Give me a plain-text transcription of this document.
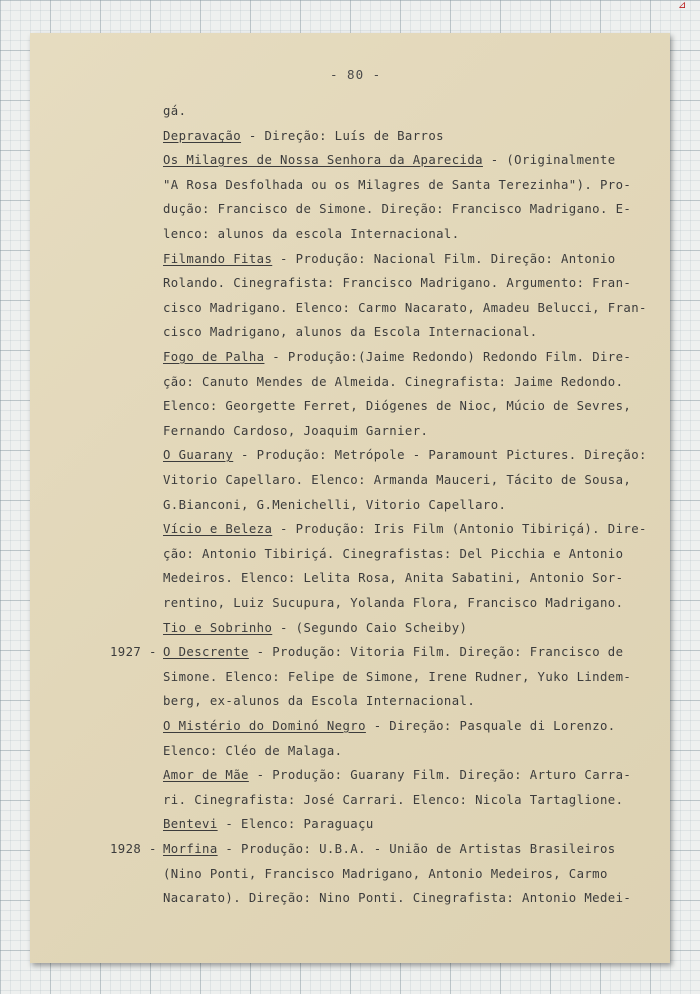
⊿
- 80 -
gá.
Depravação - Direção: Luís de Barros
Os Milagres de Nossa Senhora da Aparecida - (Originalmente
"A Rosa Desfolhada ou os Milagres de Santa Terezinha"). Pro-
dução: Francisco de Simone. Direção: Francisco Madrigano. E-
lenco: alunos da escola Internacional.
Filmando Fitas - Produção: Nacional Film. Direção: Antonio
Rolando. Cinegrafista: Francisco Madrigano. Argumento: Fran-
cisco Madrigano. Elenco: Carmo Nacarato, Amadeu Belucci, Fran-
cisco Madrigano, alunos da Escola Internacional.
Fogo de Palha - Produção:(Jaime Redondo) Redondo Film. Dire-
ção: Canuto Mendes de Almeida. Cinegrafista: Jaime Redondo.
Elenco: Georgette Ferret, Diógenes de Nioc, Múcio de Sevres,
Fernando Cardoso, Joaquim Garnier.
O Guarany - Produção: Metrópole - Paramount Pictures. Direção:
Vitorio Capellaro. Elenco: Armanda Mauceri, Tácito de Sousa,
G.Bianconi, G.Menichelli, Vitorio Capellaro.
Vício e Beleza - Produção: Iris Film (Antonio Tibiriçá). Dire-
ção: Antonio Tibiriçá. Cinegrafistas: Del Picchia e Antonio
Medeiros. Elenco: Lelita Rosa, Anita Sabatini, Antonio Sor-
rentino, Luiz Sucupura, Yolanda Flora, Francisco Madrigano.
Tio e Sobrinho - (Segundo Caio Scheiby)
1927 - O Descrente - Produção: Vitoria Film. Direção: Francisco de
Simone. Elenco: Felipe de Simone, Irene Rudner, Yuko Lindem-
berg, ex-alunos da Escola Internacional.
O Mistério do Dominó Negro - Direção: Pasquale di Lorenzo.
Elenco: Cléo de Malaga.
Amor de Mãe - Produção: Guarany Film. Direção: Arturo Carra-
ri. Cinegrafista: José Carrari. Elenco: Nicola Tartaglione.
Bentevi - Elenco: Paraguaçu
1928 - Morfina - Produção: U.B.A. - União de Artistas Brasileiros
(Nino Ponti, Francisco Madrigano, Antonio Medeiros, Carmo
Nacarato). Direção: Nino Ponti. Cinegrafista: Antonio Medei-
